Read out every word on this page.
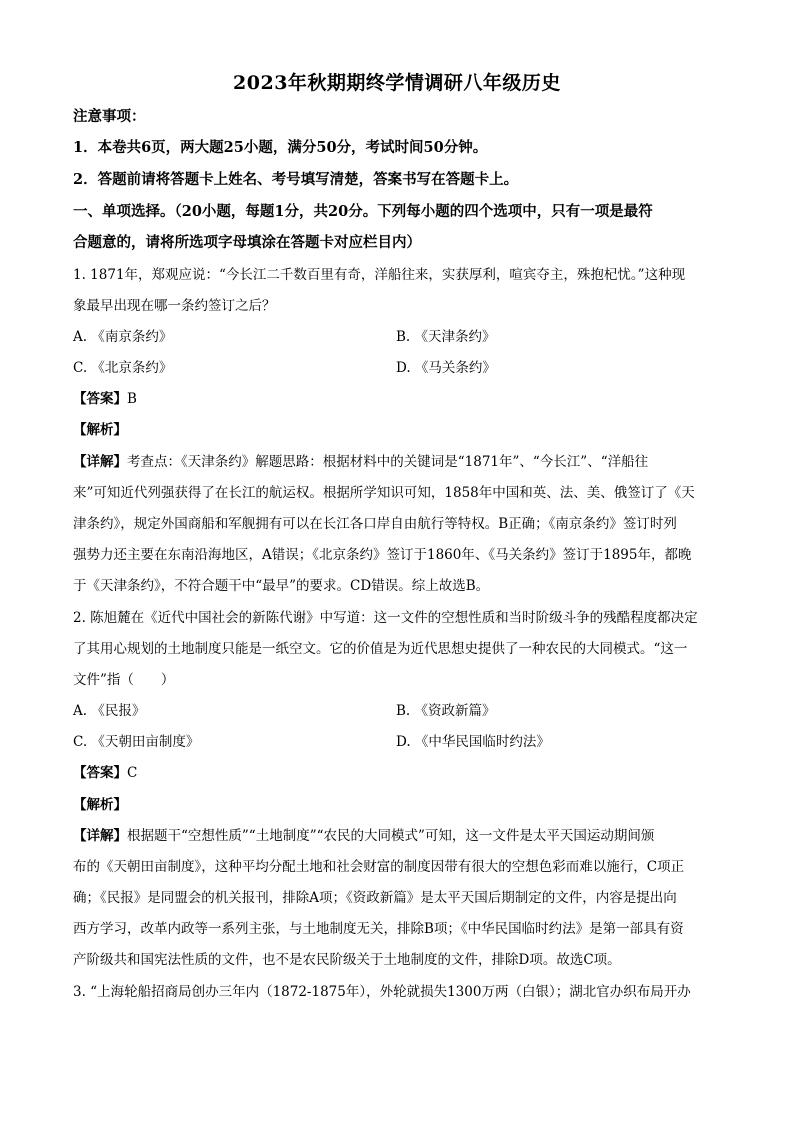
2023年秋期期终学情调研八年级历史
注意事项：
1．本卷共6页，两大题25小题，满分50分，考试时间50分钟。
2．答题前请将答题卡上姓名、考号填写清楚，答案书写在答题卡上。
一、单项选择。（20小题，每题1分，共20分。下列每小题的四个选项中，只有一项是最符
合题意的，请将所选项字母填涂在答题卡对应栏目内）
1. 1871年，郑观应说：“今长江二千数百里有奇，洋船往来，实获厚利，喧宾夺主，殊抱杞忧。”这种现
象最早出现在哪一条约签订之后？
A. 《南京条约》	B. 《天津条约》
C. 《北京条约》	D. 《马关条约》
【答案】B
【解析】
【详解】考查点：《天津条约》解题思路：根据材料中的关键词是“1871年”、“今长江”、“洋船往
来”可知近代列强获得了在长江的航运权。根据所学知识可知，1858年中国和英、法、美、俄签订了《天
津条约》，规定外国商船和军舰拥有可以在长江各口岸自由航行等特权。B正确；《南京条约》签订时列
强势力还主要在东南沿海地区，A错误；《北京条约》签订于1860年、《马关条约》签订于1895年，都晚
于《天津条约》，不符合题干中“最早”的要求。CD错误。综上故选B。
2. 陈旭麓在《近代中国社会的新陈代谢》中写道：这一文件的空想性质和当时阶级斗争的残酷程度都决定
了其用心规划的土地制度只能是一纸空文。它的价值是为近代思想史提供了一种农民的大同模式。“这一
文件”指（　　）
A. 《民报》	B. 《资政新篇》
C. 《天朝田亩制度》	D. 《中华民国临时约法》
【答案】C
【解析】
【详解】根据题干“空想性质”“土地制度”“农民的大同模式”可知，这一文件是太平天国运动期间颁
布的《天朝田亩制度》，这种平均分配土地和社会财富的制度因带有很大的空想色彩而难以施行，C项正
确；《民报》是同盟会的机关报刊，排除A项；《资政新篇》是太平天国后期制定的文件，内容是提出向
西方学习，改革内政等一系列主张，与土地制度无关，排除B项；《中华民国临时约法》是第一部具有资
产阶级共和国宪法性质的文件，也不是农民阶级关于土地制度的文件，排除D项。故选C项。
3. “上海轮船招商局创办三年内（1872-1875年），外轮就损失1300万两（白银）；湖北官办织布局开办
